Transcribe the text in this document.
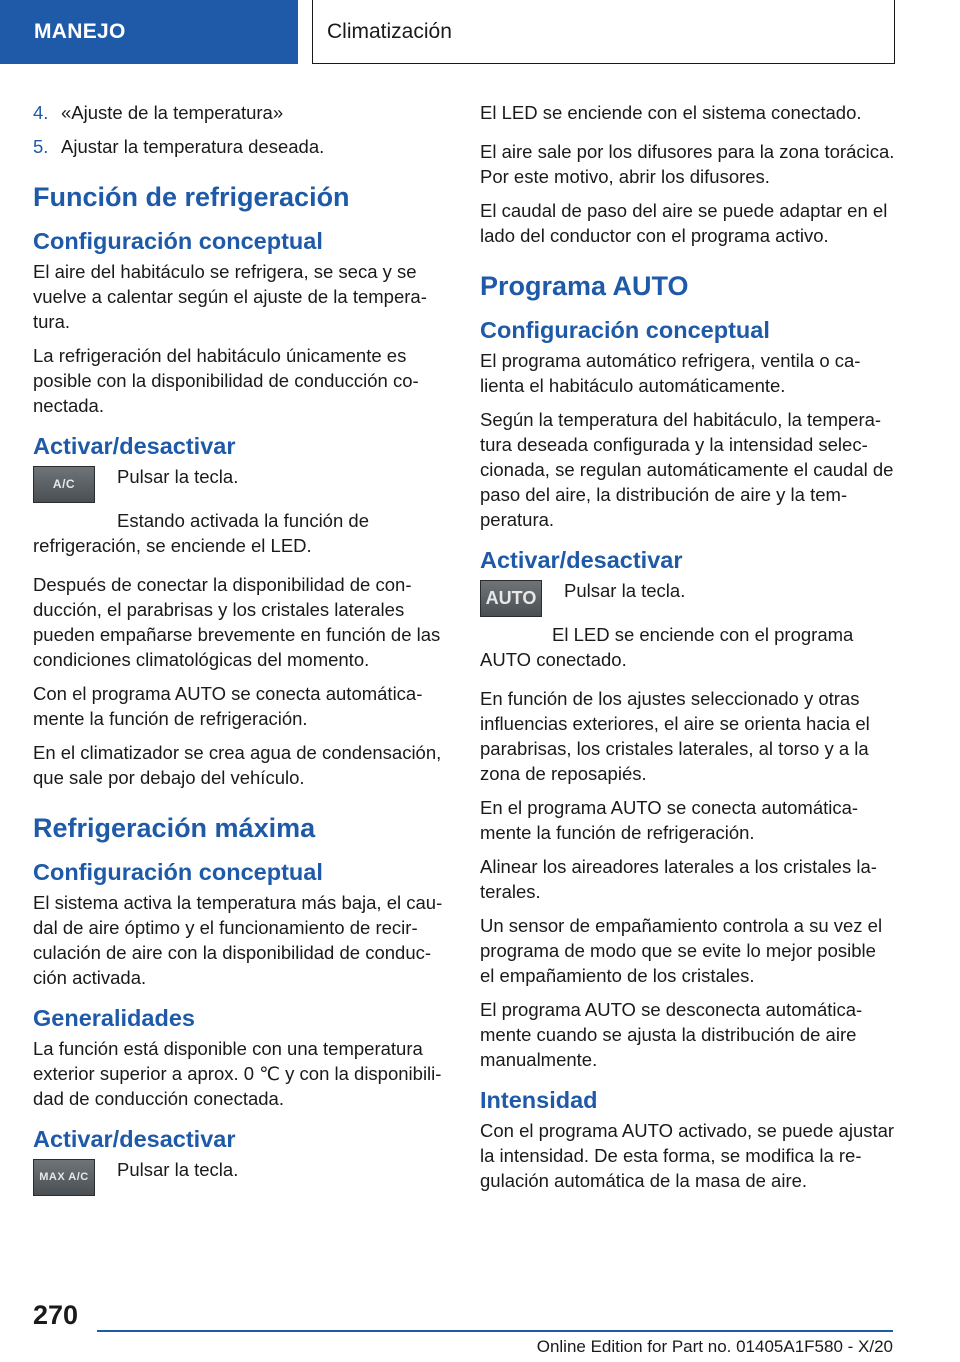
MANEJO	Climatización
4. «Ajuste de la temperatura»
5. Ajustar la temperatura deseada.
Función de refrigeración
Configuración conceptual

El aire del habitáculo se refrigera, se seca y se vuelve a calentar según el ajuste de la temperatura.

La refrigeración del habitáculo únicamente es posible con la disponibilidad de conducción conectada.

Activar/desactivar
A/C Pulsar la tecla.

Estando activada la función de refrigeración, se enciende el LED.

Después de conectar la disponibilidad de conducción, el parabrisas y los cristales laterales pueden empañarse brevemente en función de las condiciones climatológicas del momento.

Con el programa AUTO se conecta automáticamente la función de refrigeración.

En el climatizador se crea agua de condensación, que sale por debajo del vehículo.

Refrigeración máxima
Configuración conceptual

El sistema activa la temperatura más baja, el caudal de aire óptimo y el funcionamiento de recirculación de aire con la disponibilidad de conducción activada.

Generalidades

La función está disponible con una temperatura exterior superior a aprox. 0 ℃ y con la disponibilidad de conducción conectada.

Activar/desactivar
MAX A/C Pulsar la tecla.

El LED se enciende con el sistema conectado.

El aire sale por los difusores para la zona torácica. Por este motivo, abrir los difusores.

El caudal de paso del aire se puede adaptar en el lado del conductor con el programa activo.

Programa AUTO
Configuración conceptual

El programa automático refrigera, ventila o calienta el habitáculo automáticamente.

Según la temperatura del habitáculo, la temperatura deseada configurada y la intensidad seleccionada, se regulan automáticamente el caudal de paso del aire, la distribución de aire y la temperatura.

Activar/desactivar
AUTO Pulsar la tecla.

El LED se enciende con el programa AUTO conectado.

En función de los ajustes seleccionado y otras influencias exteriores, el aire se orienta hacia el parabrisas, los cristales laterales, al torso y a la zona de reposapiés.

En el programa AUTO se conecta automáticamente la función de refrigeración.

Alinear los aireadores laterales a los cristales laterales.

Un sensor de empañamiento controla a su vez el programa de modo que se evite lo mejor posible el empañamiento de los cristales.

El programa AUTO se desconecta automáticamente cuando se ajusta la distribución de aire manualmente.

Intensidad

Con el programa AUTO activado, se puede ajustar la intensidad. De esta forma, se modifica la regulación automática de la masa de aire.

270
Online Edition for Part no. 01405A1F580 - X/20
